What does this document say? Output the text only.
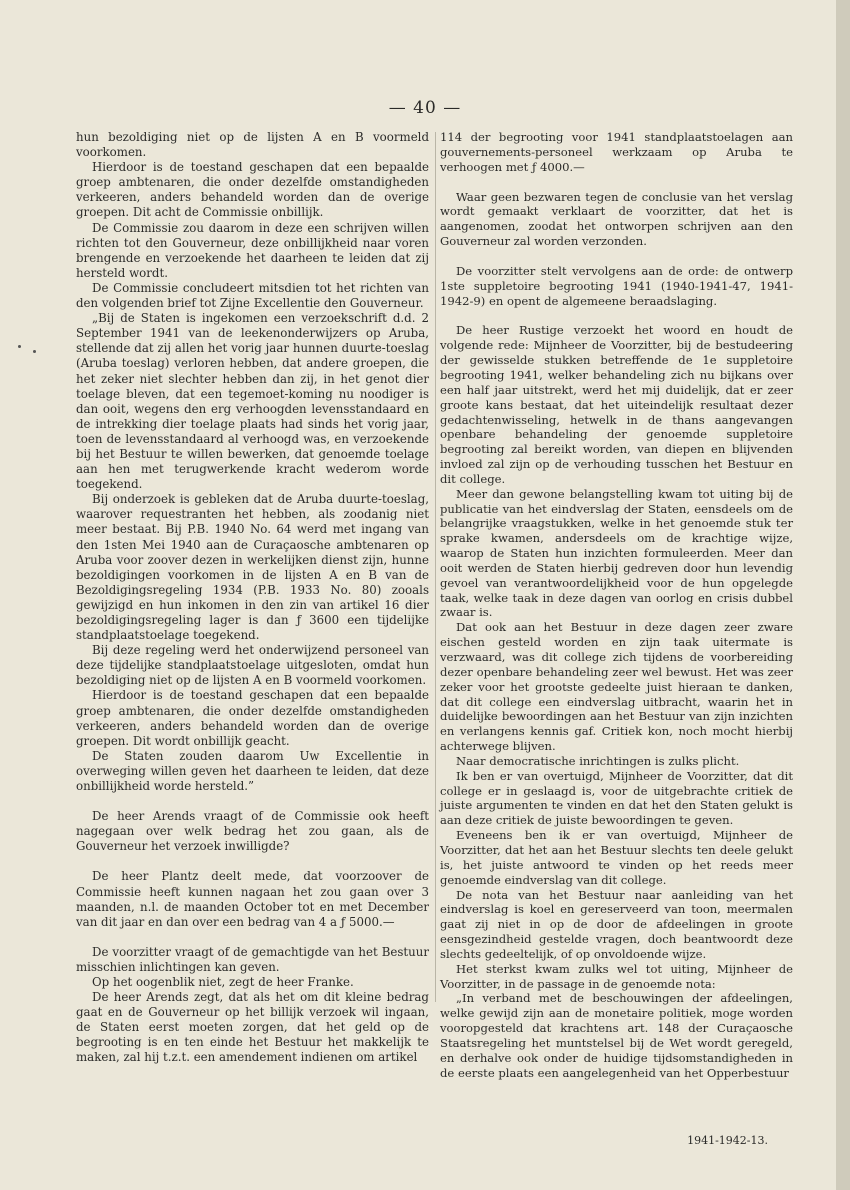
— 40 —

hun bezoldiging niet op de lijsten A en B voormeld voorkomen.

Hierdoor is de toestand geschapen dat een bepaalde groep ambtenaren, die onder dezelfde omstandigheden verkeeren, anders behandeld worden dan de overige groepen. Dit acht de Commissie onbillijk.

De Commissie zou daarom in deze een schrijven willen richten tot den Gouverneur, deze onbillijkheid naar voren brengende en verzoekende het daarheen te leiden dat zij hersteld wordt.

De Commissie concludeert mitsdien tot het richten van den volgenden brief tot Zijne Excellentie den Gouverneur.

„Bij de Staten is ingekomen een verzoekschrift d.d. 2 September 1941 van de leekenonderwijzers op Aruba, stellende dat zij allen het vorig jaar hunnen duurte-toeslag (Aruba toeslag) verloren hebben, dat andere groepen, die het zeker niet slechter hebben dan zij, in het genot dier toelage bleven, dat een tegemoet-koming nu noodiger is dan ooit, wegens den erg verhoogden levensstandaard en de intrekking dier toelage plaats had sinds het vorig jaar, toen de levensstandaard al verhoogd was, en verzoekende bij het Bestuur te willen bewerken, dat genoemde toelage aan hen met terugwerkende kracht wederom worde toegekend.

Bij onderzoek is gebleken dat de Aruba duurte-toeslag, waarover requestranten het hebben, als zoodanig niet meer bestaat. Bij P.B. 1940 No. 64 werd met ingang van den 1sten Mei 1940 aan de Curaçaosche ambtenaren op Aruba voor zoover dezen in werkelijken dienst zijn, hunne bezoldigingen voorkomen in de lijsten A en B van de Bezoldigingsregeling 1934 (P.B. 1933 No. 80) zooals gewijzigd en hun inkomen in den zin van artikel 16 dier bezoldigingsregeling lager is dan ƒ 3600 een tijdelijke standplaatstoelage toegekend.

Bij deze regeling werd het onderwijzend personeel van deze tijdelijke standplaatstoelage uitgesloten, omdat hun bezoldiging niet op de lijsten A en B voormeld voorkomen.

Hierdoor is de toestand geschapen dat een bepaalde groep ambtenaren, die onder dezelfde omstandigheden verkeeren, anders behandeld worden dan de overige groepen. Dit wordt onbillijk geacht.

De Staten zouden daarom Uw Excellentie in overweging willen geven het daarheen te leiden, dat deze onbillijkheid worde hersteld.”

De heer Arends vraagt of de Commissie ook heeft nagegaan over welk bedrag het zou gaan, als de Gouverneur het verzoek inwilligde?

De heer Plantz deelt mede, dat voorzoover de Commissie heeft kunnen nagaan het zou gaan over 3 maanden, n.l. de maanden October tot en met December van dit jaar en dan over een bedrag van 4 a ƒ 5000.—

De voorzitter vraagt of de gemachtigde van het Bestuur misschien inlichtingen kan geven.

Op het oogenblik niet, zegt de heer Franke.

De heer Arends zegt, dat als het om dit kleine bedrag gaat en de Gouverneur op het billijk verzoek wil ingaan, de Staten eerst moeten zorgen, dat het geld op de begrooting is en ten einde het Bestuur het makkelijk te maken, zal hij t.z.t. een amendement indienen om artikel

114 der begrooting voor 1941 standplaatstoelagen aan gouvernements-personeel werkzaam op Aruba te verhoogen met ƒ 4000.—

Waar geen bezwaren tegen de conclusie van het verslag wordt gemaakt verklaart de voorzitter, dat het is aangenomen, zoodat het ontworpen schrijven aan den Gouverneur zal worden verzonden.

De voorzitter stelt vervolgens aan de orde: de ontwerp 1ste suppletoire begrooting 1941 (1940-1941-47, 1941-1942-9) en opent de algemeene beraadslaging.

De heer Rustige verzoekt het woord en houdt de volgende rede: Mijnheer de Voorzitter, bij de bestudeering der gewisselde stukken betreffende de 1e suppletoire begrooting 1941, welker behandeling zich nu bijkans over een half jaar uitstrekt, werd het mij duidelijk, dat er zeer groote kans bestaat, dat het uiteindelijk resultaat dezer gedachtenwisseling, hetwelk in de thans aangevangen openbare behandeling der genoemde suppletoire begrooting zal bereikt worden, van diepen en blijvenden invloed zal zijn op de verhouding tusschen het Bestuur en dit college.

Meer dan gewone belangstelling kwam tot uiting bij de publicatie van het eindverslag der Staten, eensdeels om de belangrijke vraagstukken, welke in het genoemde stuk ter sprake kwamen, andersdeels om de krachtige wijze, waarop de Staten hun inzichten formuleerden. Meer dan ooit werden de Staten hierbij gedreven door hun levendig gevoel van verantwoordelijkheid voor de hun opgelegde taak, welke taak in deze dagen van oorlog en crisis dubbel zwaar is.

Dat ook aan het Bestuur in deze dagen zeer zware eischen gesteld worden en zijn taak uitermate is verzwaard, was dit college zich tijdens de voorbereiding dezer openbare behandeling zeer wel bewust. Het was zeer zeker voor het grootste gedeelte juist hieraan te danken, dat dit college een eindverslag uitbracht, waarin het in duidelijke bewoordingen aan het Bestuur van zijn inzichten en verlangens kennis gaf. Critiek kon, noch mocht hierbij achterwege blijven.

Naar democratische inrichtingen is zulks plicht.

Ik ben er van overtuigd, Mijnheer de Voorzitter, dat dit college er in geslaagd is, voor de uitgebrachte critiek de juiste argumenten te vinden en dat het den Staten gelukt is aan deze critiek de juiste bewoordingen te geven.

Eveneens ben ik er van overtuigd, Mijnheer de Voorzitter, dat het aan het Bestuur slechts ten deele gelukt is, het juiste antwoord te vinden op het reeds meer genoemde eindverslag van dit college.

De nota van het Bestuur naar aanleiding van het eindverslag is koel en gereserveerd van toon, meermalen gaat zij niet in op de door de afdeelingen in groote eensgezindheid gestelde vragen, doch beantwoordt deze slechts gedeeltelijk, of op onvoldoende wijze.

Het sterkst kwam zulks wel tot uiting, Mijnheer de Voorzitter, in de passage in de genoemde nota:

„In verband met de beschouwingen der afdeelingen, welke gewijd zijn aan de monetaire politiek, moge worden vooropgesteld dat krachtens art. 148 der Curaçaosche Staatsregeling het muntstelsel bij de Wet wordt geregeld, en derhalve ook onder de huidige tijdsomstandigheden in de eerste plaats een aangelegenheid van het Opperbestuur

1941-1942-13.
